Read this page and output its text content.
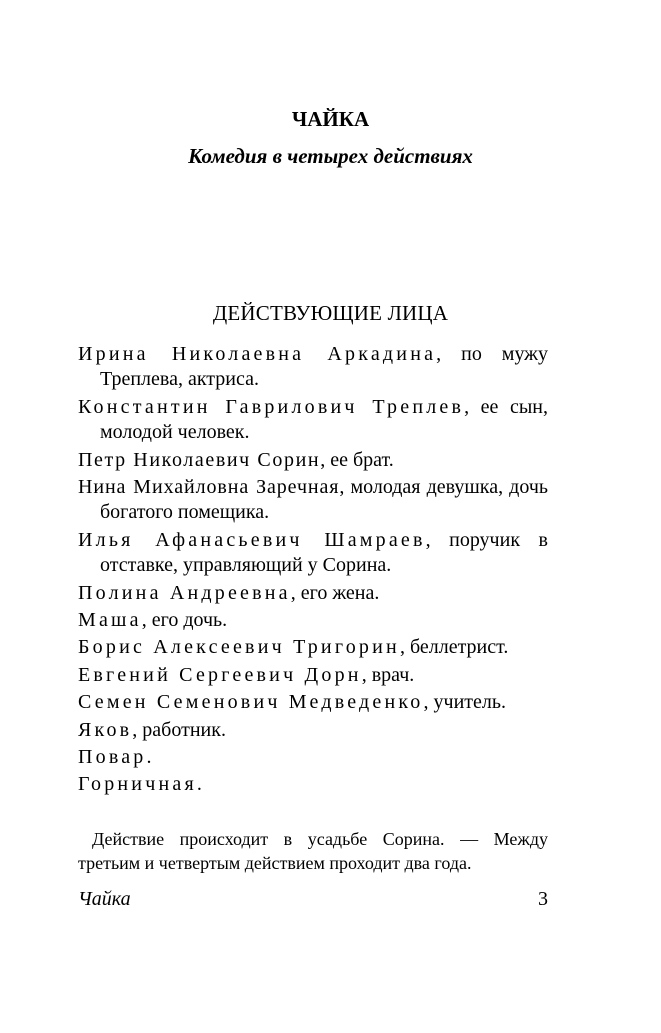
ЧАЙКА
Комедия в четырех действиях
ДЕЙСТВУЮЩИЕ ЛИЦА
Ирина Николаевна Аркадина, по мужу Треплева, актриса.
Константин Гаврилович Треплев, ее сын, молодой человек.
Петр Николаевич Сорин, ее брат.
Нина Михайловна Заречная, молодая девушка, дочь богатого помещика.
Илья Афанасьевич Шамраев, поручик в отставке, управляющий у Сорина.
Полина Андреевна, его жена.
Маша, его дочь.
Борис Алексеевич Тригорин, беллетрист.
Евгений Сергеевич Дорн, врач.
Семен Семенович Медведенко, учитель.
Яков, работник.
Повар.
Горничная.
Действие происходит в усадьбе Сорина. — Между третьим и четвертым действием проходит два года.
Чайка	3
